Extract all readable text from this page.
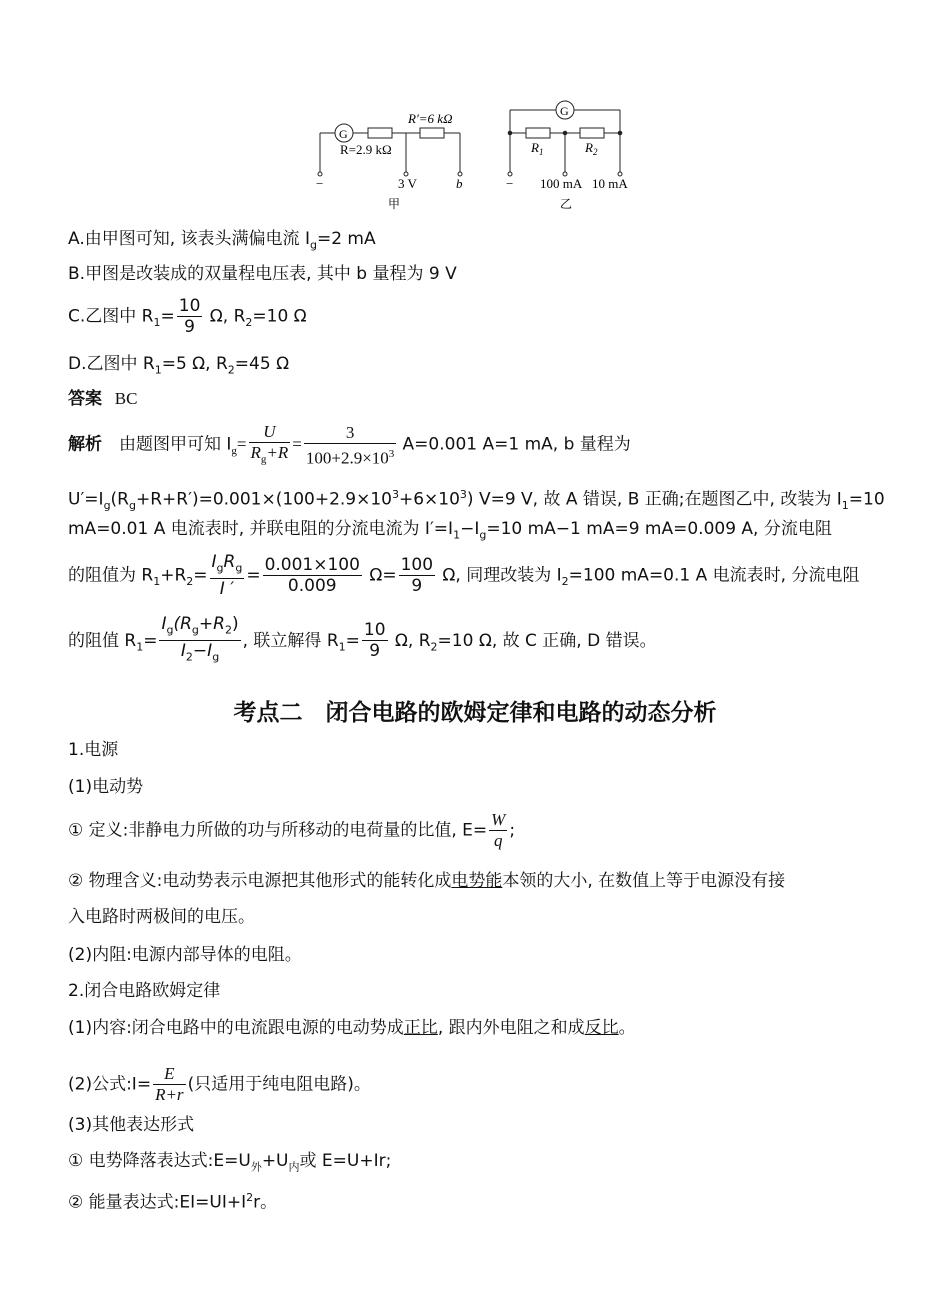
G
R′=6 kΩ
R=2.9 kΩ
−	3 V	b
甲
G
$R_1$	$R_2$
− 100 mA 10 mA
乙
A.由甲图可知, 该表头满偏电流 $I_g=2$ mA
B.甲图是改装成的双量程电压表, 其中 b 量程为 9 V
C.乙图中 $R_1= \frac{10}{9} \Omega$, $R_2=10$ Ω
D.乙图中 $R_1=5$ Ω, $R_2=45$ Ω
答案 BC
解析 由题图甲可知 $I_g= \frac{U}{R_g+R} = \frac{3}{100+2.9\times 10^3} A=0.001$ A=1 mA, b 量程为
$U'=I_g(R_g+R+R')=0.001\times(100+2.9\times 10^3+6\times 10^3)$ V=9 V, 故 A 错误, B 正确;在题图乙中, 改装为 $I_1=10$
mA=0.01 A 电流表时, 并联电阻的分流电流为 $I'=I_1-I_g=10$ mA−1 mA=9 mA=0.009 A, 分流电阻
的阻值为 $R_1+R_2= \frac{I_gR_g}{I '} = \frac{0.001\times 100}{0.009} \Omega= \frac{100}{9} \Omega$, 同理改装为 $I_2=100$ mA=0.1 A 电流表时, 分流电阻
的阻值 $R_1= \frac{I_g(R_g+R_2)}{I_2-I_g}$ , 联立解得 $R_1= \frac{10}{9} \Omega$, $R_2=10$ Ω, 故 C 正确, D 错误。
考点二　闭合电路的欧姆定律和电路的动态分析
1.电源
(1)电动势
① 定义:非静电力所做的功与所移动的电荷量的比值, $E= \frac{W}{q}$ ;
② 物理含义:电动势表示电源把其他形式的能转化成电势能本领的大小, 在数值上等于电源没有接
入电路时两极间的电压。
(2)内阻:电源内部导体的电阻。
2.闭合电路欧姆定律
(1)内容:闭合电路中的电流跟电源的电动势成正比, 跟内外电阻之和成反比。
(2)公式:I= $\frac{E}{R+r}$ (只适用于纯电阻电路)。
(3)其他表达形式
① 电势降落表达式$:E=U_外+U_内$或 E=U+Ir;
② 能量表达式$:EI=UI+I^2r$。
